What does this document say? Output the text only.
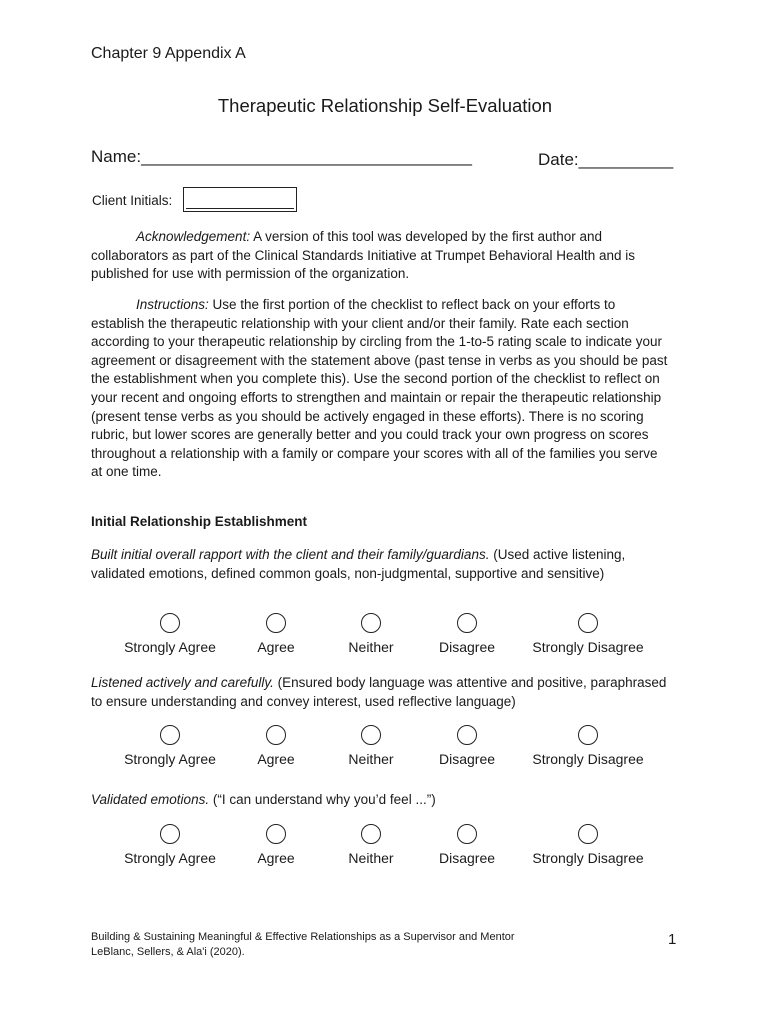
Chapter 9 Appendix A
Therapeutic Relationship Self-Evaluation
Name:___________________________________	Date:__________
Client Initials:
Acknowledgement: A version of this tool was developed by the first author and collaborators as part of the Clinical Standards Initiative at Trumpet Behavioral Health and is published for use with permission of the organization.
Instructions: Use the first portion of the checklist to reflect back on your efforts to establish the therapeutic relationship with your client and/or their family. Rate each section according to your therapeutic relationship by circling from the 1-to-5 rating scale to indicate your agreement or disagreement with the statement above (past tense in verbs as you should be past the establishment when you complete this). Use the second portion of the checklist to reflect on your recent and ongoing efforts to strengthen and maintain or repair the therapeutic relationship (present tense verbs as you should be actively engaged in these efforts). There is no scoring rubric, but lower scores are generally better and you could track your own progress on scores throughout a relationship with a family or compare your scores with all of the families you serve at one time.
Initial Relationship Establishment
Built initial overall rapport with the client and their family/guardians. (Used active listening, validated emotions, defined common goals, non-judgmental, supportive and sensitive)
Strongly Agree	Agree	Neither	Disagree	Strongly Disagree
Listened actively and carefully. (Ensured body language was attentive and positive, paraphrased to ensure understanding and convey interest, used reflective language)
Strongly Agree	Agree	Neither	Disagree	Strongly Disagree
Validated emotions. (“I can understand why you’d feel ...”)
Strongly Agree	Agree	Neither	Disagree	Strongly Disagree
Building & Sustaining Meaningful & Effective Relationships as a Supervisor and Mentor
LeBlanc, Sellers, & Ala'i (2020).
1
